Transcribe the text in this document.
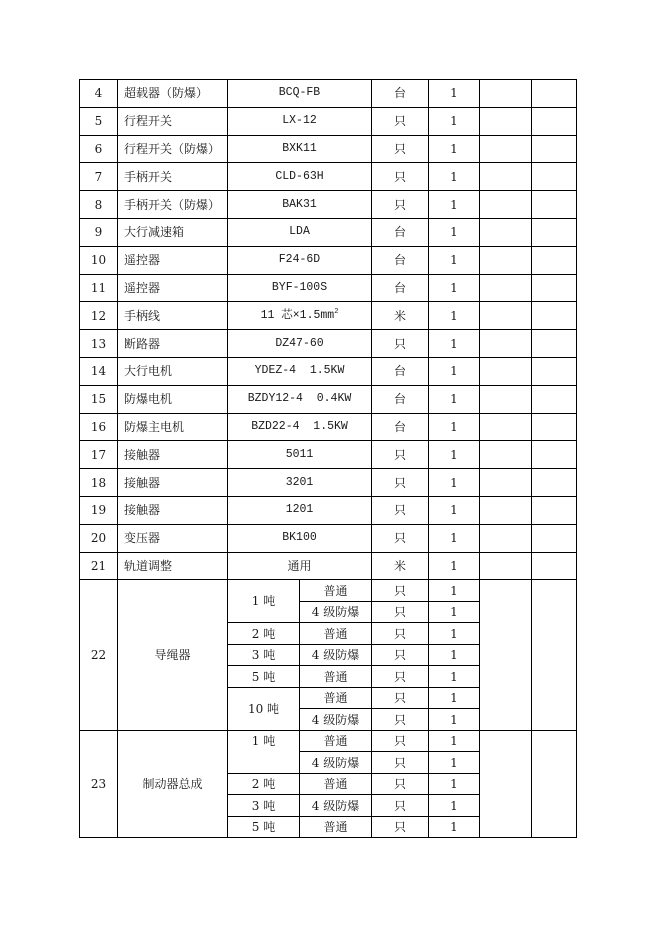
4	超载器（防爆）	BCQ-FB		台	1		
5	行程开关	LX-12		只	1		
6	行程开关（防爆）	BXK11		只	1		
7	手柄开关	CLD-63H		只	1		
8	手柄开关（防爆）	BAK31		只	1		
9	大行减速箱	LDA		台	1		
10	遥控器	F24-6D		台	1		
11	遥控器	BYF-100S		台	1		
12	手柄线	11 芯$\times 1.5mm^2$		米	1		
13	断路器	DZ47-60		只	1		
14	大行电机	YDEZ-4  1.5KW		台	1		
15	防爆电机	BZDY12-4  0.4KW		台	1		
16	防爆主电机	BZD22-4  1.5KW		台	1		
17	接触器	5011		只	1		
18	接触器	3201		只	1		
19	接触器	1201		只	1		
20	变压器	BK100		只	1		
21	轨道调整	通用		米	1		
22	导绳器	1 吨	普通	只	1		
			4 级防爆	只	1		
		2 吨	普通	只	1		
		3 吨	4 级防爆	只	1		
		5 吨	普通	只	1		
		10 吨	普通	只	1		
			4 级防爆	只	1		
23	制动器总成	1 吨	普通	只	1		
			4 级防爆	只	1		
		2 吨	普通	只	1		
		3 吨	4 级防爆	只	1		
		5 吨	普通	只	1		
